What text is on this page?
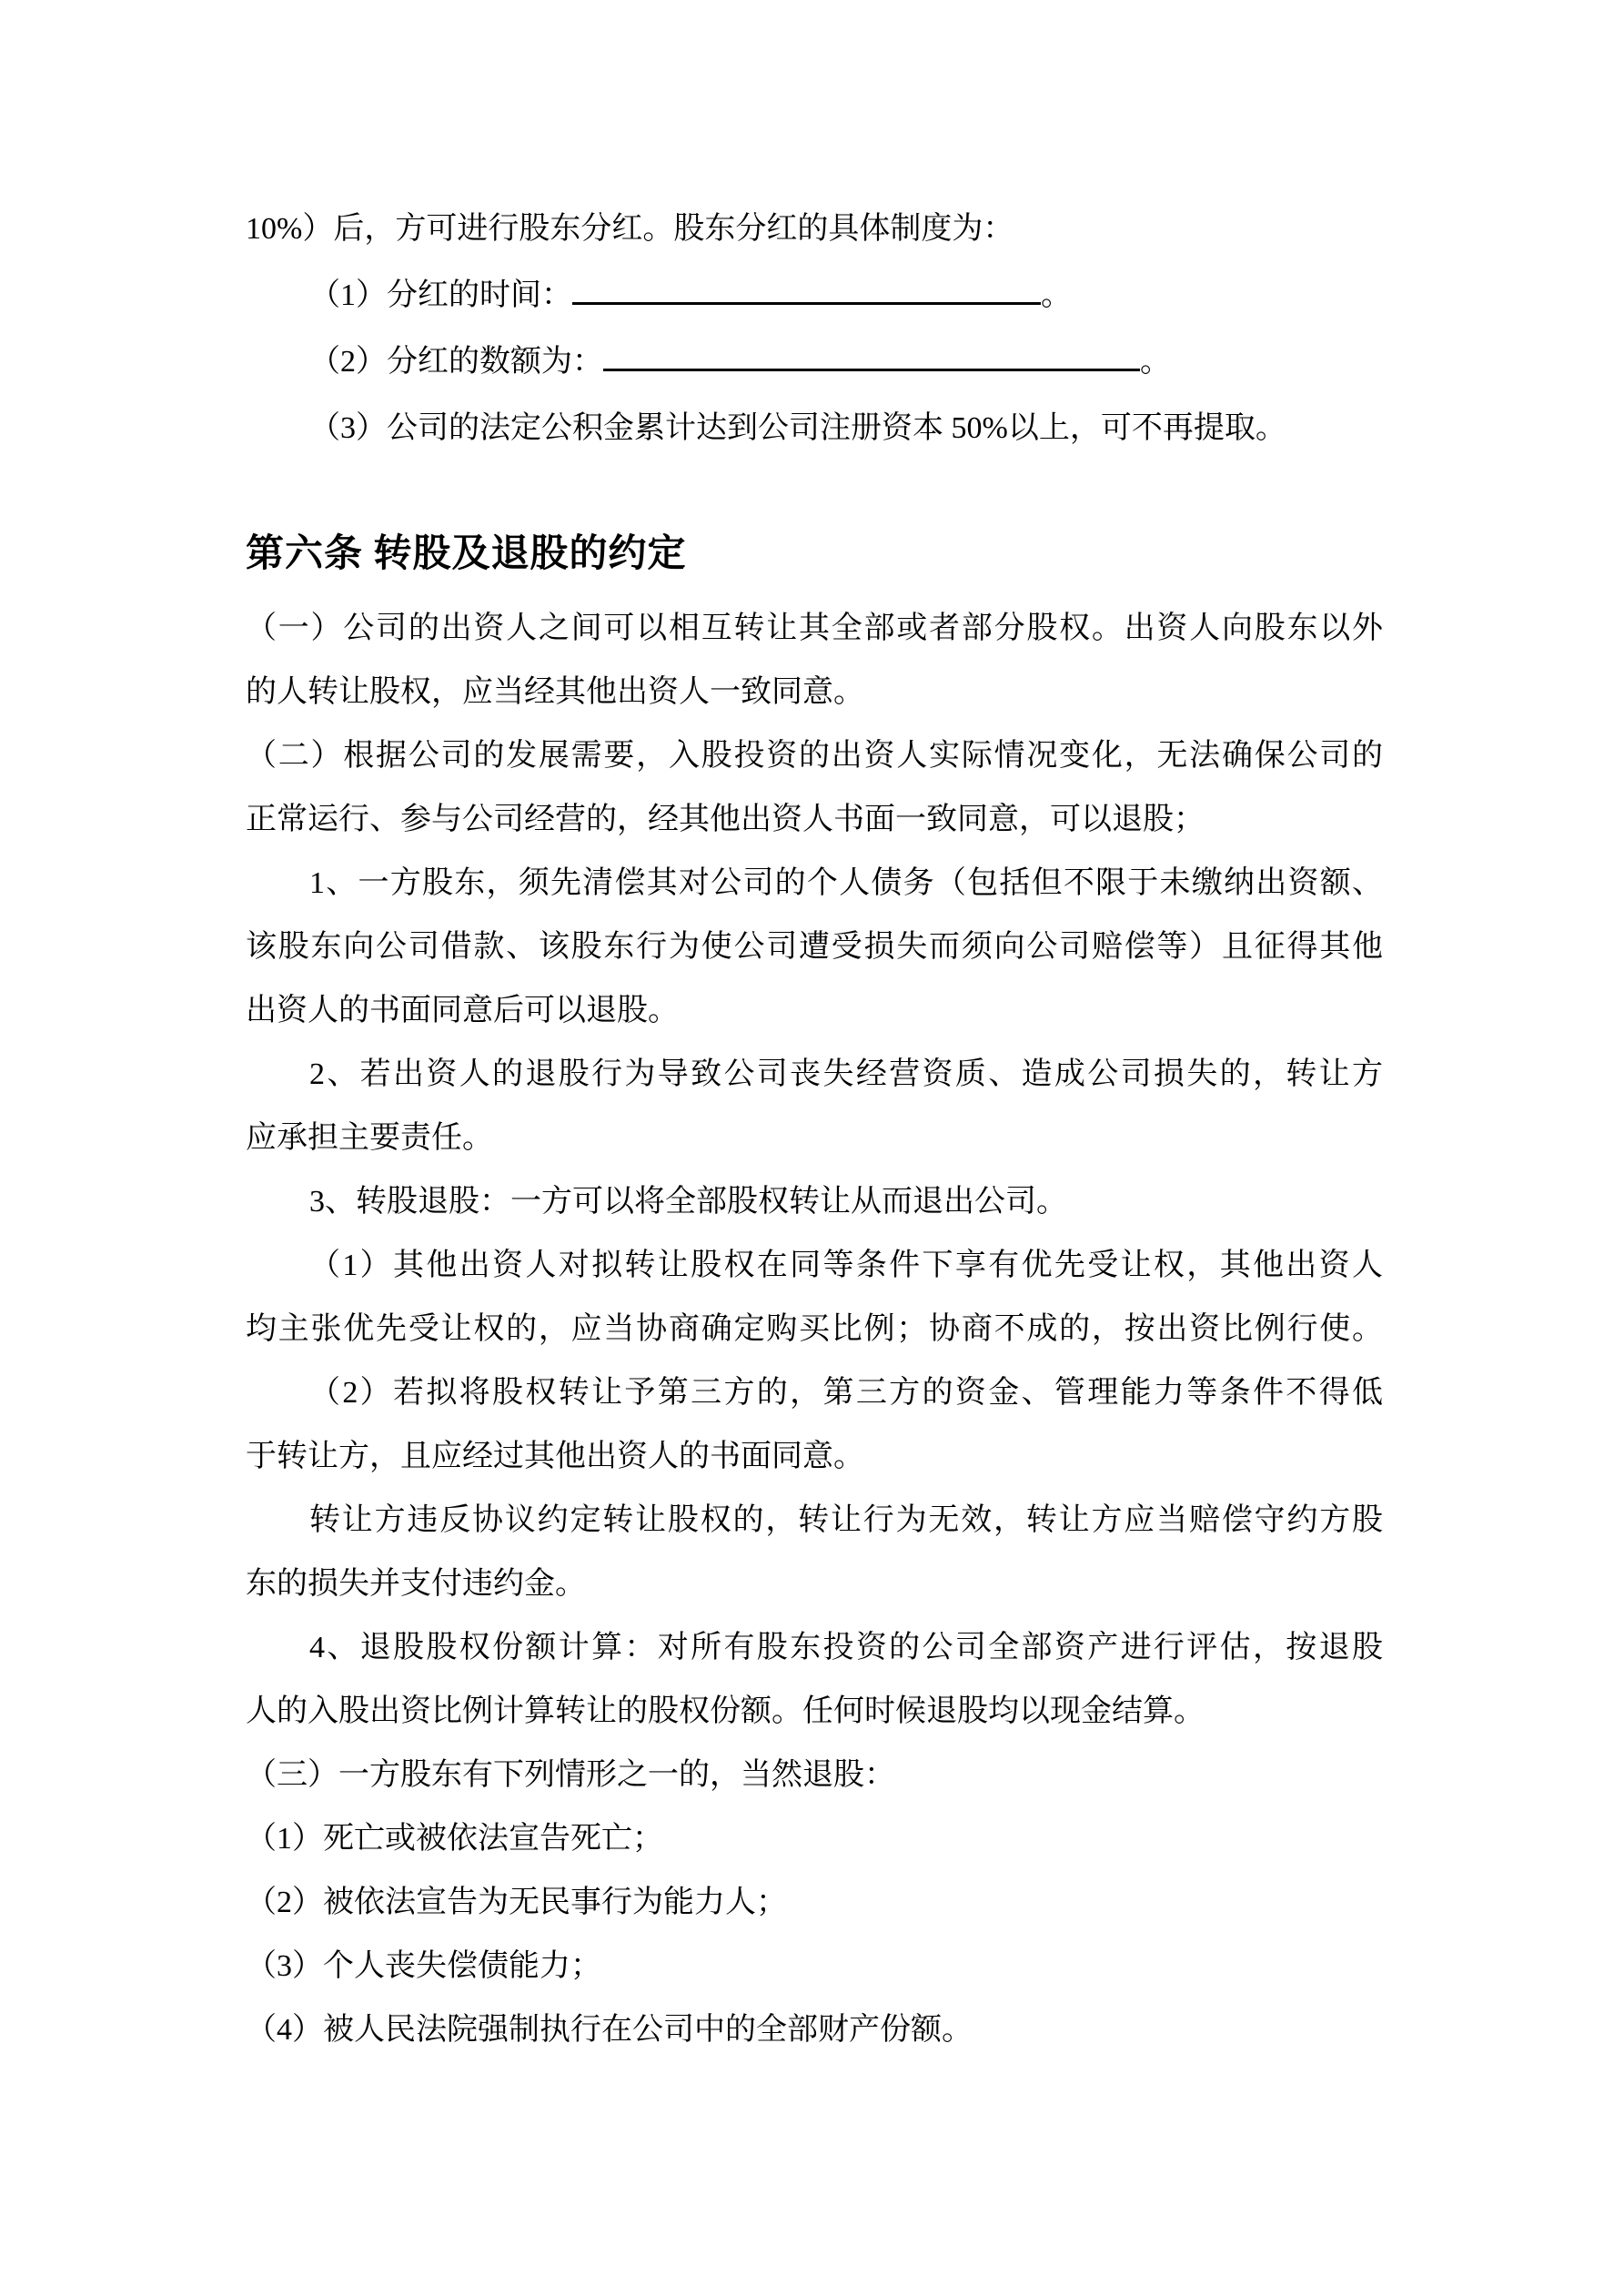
10%）后，方可进行股东分红。股东分红的具体制度为：
（1）分红的时间：	。
（2）分红的数额为：	。
（3）公司的法定公积金累计达到公司注册资本 50%以上，可不再提取。
第六条 转股及退股的约定
（一）公司的出资人之间可以相互转让其全部或者部分股权。出资人向股东以外
的人转让股权，应当经其他出资人一致同意。
（二）根据公司的发展需要，入股投资的出资人实际情况变化，无法确保公司的
正常运行、参与公司经营的，经其他出资人书面一致同意，可以退股；
1、一方股东，须先清偿其对公司的个人债务（包括但不限于未缴纳出资额、
该股东向公司借款、该股东行为使公司遭受损失而须向公司赔偿等）且征得其他
出资人的书面同意后可以退股。
2、若出资人的退股行为导致公司丧失经营资质、造成公司损失的，转让方
应承担主要责任。
3、转股退股：一方可以将全部股权转让从而退出公司。
（1）其他出资人对拟转让股权在同等条件下享有优先受让权，其他出资人
均主张优先受让权的，应当协商确定购买比例；协商不成的，按出资比例行使。
（2）若拟将股权转让予第三方的，第三方的资金、管理能力等条件不得低
于转让方，且应经过其他出资人的书面同意。
转让方违反协议约定转让股权的，转让行为无效，转让方应当赔偿守约方股
东的损失并支付违约金。
4、退股股权份额计算：对所有股东投资的公司全部资产进行评估，按退股
人的入股出资比例计算转让的股权份额。任何时候退股均以现金结算。
（三）一方股东有下列情形之一的，当然退股：
（1）死亡或被依法宣告死亡；
（2）被依法宣告为无民事行为能力人；
（3）个人丧失偿债能力；
（4）被人民法院强制执行在公司中的全部财产份额。
